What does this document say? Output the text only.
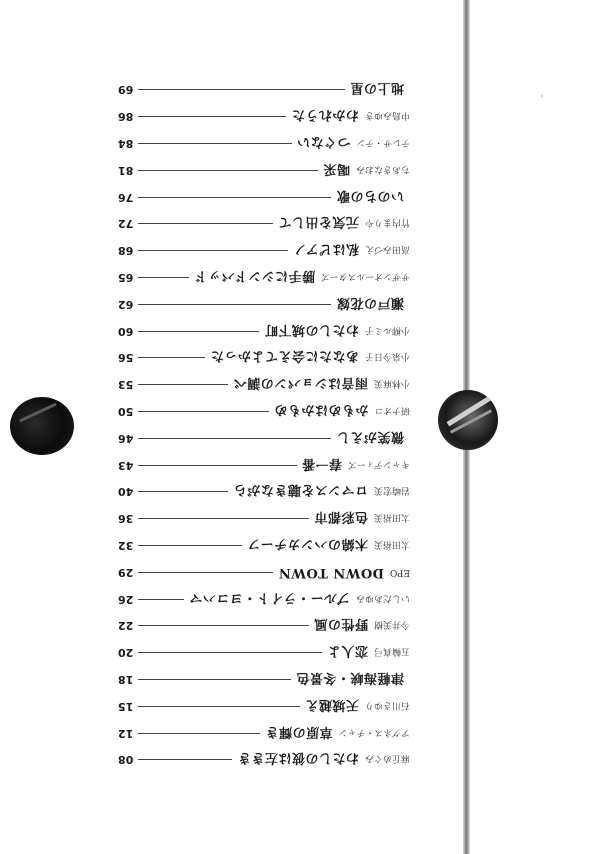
地上の星
69
中島みゆき
わかれうた
86
テレサ・テン
つぐない
84
ちあきなおみ
喝采
81
いのちの歌
76
竹内まりや
元気を出して
72
高田みづえ
私はピアノ
68
サザンオールスターズ
勝手にシンドバッド
65
瀬戸の花嫁
62
小柳ルミ子
わたしの城下町
60
小泉今日子
あなたに会えてよかった
56
小林麻美
雨音はショパンの調べ
53
研ナオコ
かもめはかもめ
50
微笑がえし
46
キャンディーズ
春一番
43
岩崎宏美
ロマンスを聴きながら
40
太田裕美
色彩都市
36
太田裕美
木綿のハンカチーフ
32
EPO
DOWN TOWN
29
いしだあゆみ
ブルー・ライト・ヨコハマ
26
今井美樹
野性の風
22
五輪真弓
恋人よ
20
津軽海峡・冬景色
18
石川さゆり
天城越え
15
アグネス・チャン
草原の輝き
12
麻丘めぐみ
わたしの彼は左きき
08
